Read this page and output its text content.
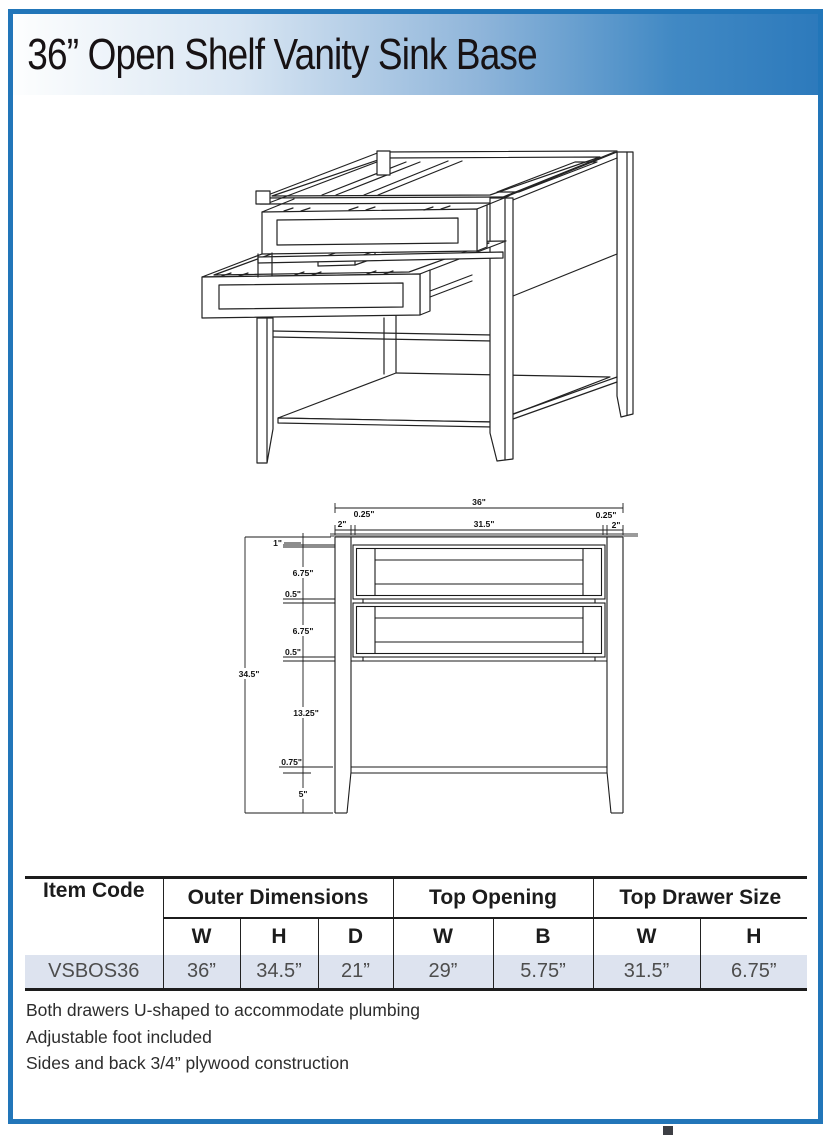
36” Open Shelf Vanity Sink Base
36"
0.25"
2"	31.5"
0.25"
2"
1"
6.75"
0.5"
6.75"
0.5"
34.5"
13.25"
0.75"
5"
Item Code	Outer Dimensions			Top Opening		Top Drawer Size	
	W	H	D	W	B	W	H
VSBOS36	36”	34.5”	21”	29”	5.75”	31.5”	6.75”
Both drawers U-shaped to accommodate plumbing
Adjustable foot included
Sides and back 3/4” plywood construction
